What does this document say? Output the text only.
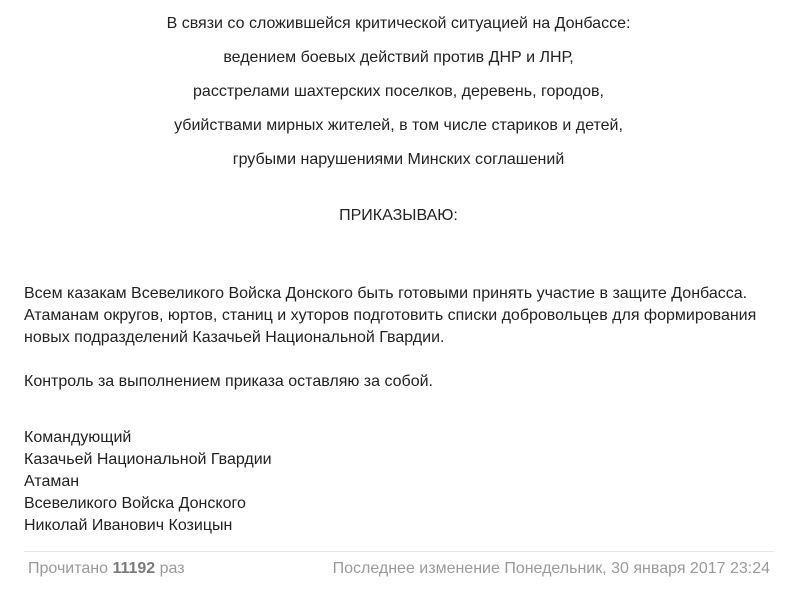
В связи со сложившейся критической ситуацией на Донбассе:
ведением боевых действий против ДНР и ЛНР,
расстрелами шахтерских поселков, деревень, городов,
убийствами мирных жителей, в том числе стариков и детей,
грубыми нарушениями Минских соглашений
ПРИКАЗЫВАЮ:
Всем казакам Всевеликого Войска Донского быть готовыми принять участие в защите Донбасса. Атаманам округов, юртов, станиц и хуторов подготовить списки добровольцев для формирования новых подразделений Казачьей Национальной Гвардии.
Контроль за выполнением приказа оставляю за собой.
Командующий
Казачьей Национальной Гвардии
Атаман
Всевеликого Войска Донского
Николай Иванович Козицын
Прочитано 11192 раз	Последнее изменение Понедельник, 30 января 2017 23:24
